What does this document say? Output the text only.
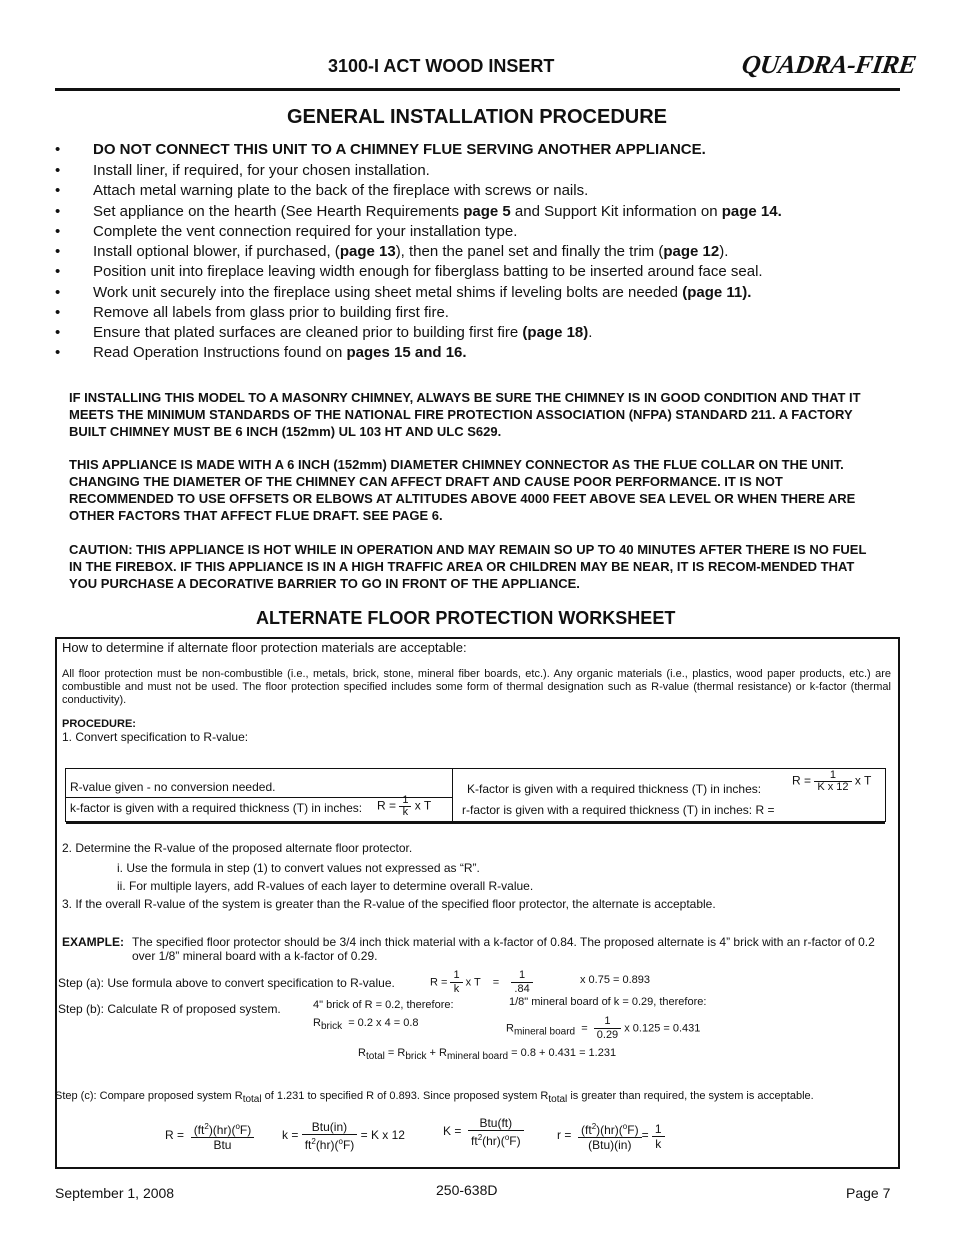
3100-I ACT WOOD INSERT	QUADRA-FIRE
GENERAL INSTALLATION PROCEDURE
• DO NOT CONNECT THIS UNIT TO A CHIMNEY FLUE SERVING ANOTHER APPLIANCE.
• Install liner, if required, for your chosen installation.
• Attach metal warning plate to the back of the fireplace with screws or nails.
• Set appliance on the hearth (See Hearth Requirements page 5 and Support Kit information on page 14.
• Complete the vent connection required for your installation type.
• Install optional blower, if purchased, (page 13), then the panel set and finally the trim (page 12).
• Position unit into fireplace leaving width enough for fiberglass batting to be inserted around face seal.
• Work unit securely into the fireplace using sheet metal shims if leveling bolts are needed (page 11).
• Remove all labels from glass prior to building first fire.
• Ensure that plated surfaces are cleaned prior to building first fire (page 18).
• Read Operation Instructions found on pages 15 and 16.
IF INSTALLING THIS MODEL TO A MASONRY CHIMNEY, ALWAYS BE SURE THE CHIMNEY IS IN GOOD CONDITION AND THAT IT MEETS THE MINIMUM STANDARDS OF THE NATIONAL FIRE PROTECTION ASSOCIATION (NFPA) STANDARD 211. A FACTORY BUILT CHIMNEY MUST BE 6 INCH (152mm) UL 103 HT AND ULC S629.
THIS APPLIANCE IS MADE WITH A 6 INCH (152mm) DIAMETER CHIMNEY CONNECTOR AS THE FLUE COLLAR ON THE UNIT. CHANGING THE DIAMETER OF THE CHIMNEY CAN AFFECT DRAFT AND CAUSE POOR PERFORMANCE. IT IS NOT RECOMMENDED TO USE OFFSETS OR ELBOWS AT ALTITUDES ABOVE 4000 FEET ABOVE SEA LEVEL OR WHEN THERE ARE OTHER FACTORS THAT AFFECT FLUE DRAFT. SEE PAGE 6.
CAUTION: THIS APPLIANCE IS HOT WHILE IN OPERATION AND MAY REMAIN SO UP TO 40 MINUTES AFTER THERE IS NO FUEL IN THE FIREBOX. IF THIS APPLIANCE IS IN A HIGH TRAFFIC AREA OR CHILDREN MAY BE NEAR, IT IS RECOM-MENDED THAT YOU PURCHASE A DECORATIVE BARRIER TO GO IN FRONT OF THE APPLIANCE.
ALTERNATE FLOOR PROTECTION WORKSHEET
How to determine if alternate floor protection materials are acceptable:
All floor protection must be non-combustible (i.e., metals, brick, stone, mineral fiber boards, etc.). Any organic materials (i.e., plastics, wood paper products, etc.) are combustible and must not be used. The floor protection specified includes some form of thermal designation such as R-value (thermal resistance) or k-factor (thermal conductivity).
PROCEDURE:
1. Convert specification to R-value:
R-value given - no conversion needed.
k-factor is given with a required thickness (T) in inches: $R = \frac{1}{k}$ x T
K-factor is given with a required thickness (T) in inches:
$R = \frac{1}{\text{K x 12}}$ x T
r-factor is given with a required thickness (T) in inches: R =
2. Determine the R-value of the proposed alternate floor protector.
i. Use the formula in step (1) to convert values not expressed as “R”.
ii. For multiple layers, add R-values of each layer to determine overall R-value.
3. If the overall R-value of the system is greater than the R-value of the specified floor protector, the alternate is acceptable.
EXAMPLE: The specified floor protector should be 3/4 inch thick material with a k-factor of 0.84. The proposed alternate is 4” brick with an r-factor of 0.2 over 1/8” mineral board with a k-factor of 0.29.
Step (a): Use formula above to convert specification to R-value.	$R = \frac{1}{k}$ x T    = $\frac{1}{.84}$	x 0.75 = 0.893
Step (b): Calculate R of proposed system.	4" brick of R = 0.2, therefore:	1/8" mineral board of k = 0.29, therefore:
$R_{brick} = 0.2$ x 4 = 0.8	$R_{mineral board} = \frac{1}{0.29}$ x 0.125 = 0.431
$R_{total} = R_{brick} + R_{mineral board} = 0.8 + 0.431 = 1.231$
Step (c): Compare proposed system $R_{total}$ of 1.231 to specified R of 0.893. Since proposed system $R_{total}$ is greater than required, the system is acceptable.
$R = \frac{(ft^2)(hr)(^oF)}{\text{Btu}}$ $k = \frac{\text{Btu(in)}}{ft^2(hr)(^oF)} = K$ x 12	$K = \frac{\text{Btu(ft)}}{ft^2(hr)(^oF)}$	$r = \frac{(ft^2)(hr)(^oF)}{\text{(Btu)(in)}} = \frac{1}{k}$
September 1, 2008	250-638D	Page 7
